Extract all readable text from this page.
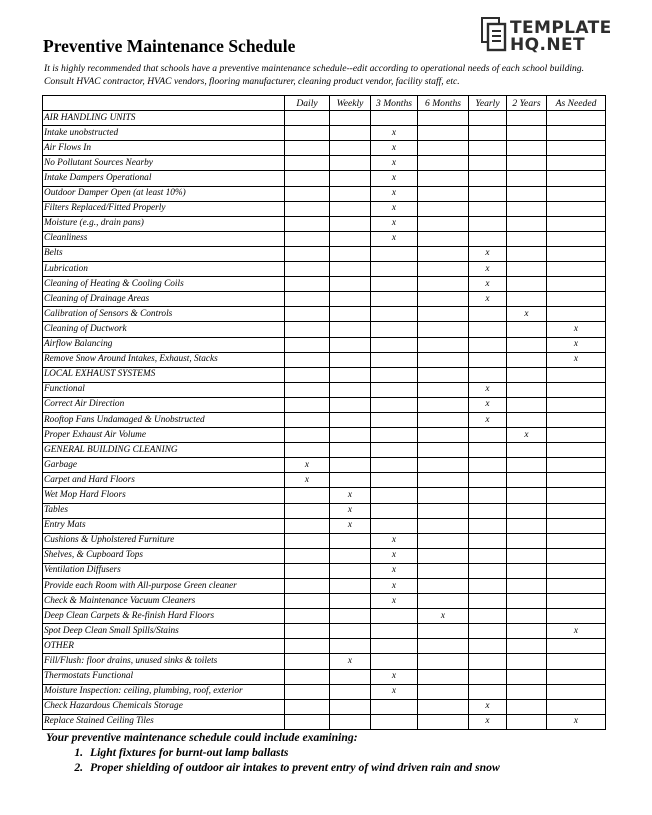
Preventive Maintenance Schedule
TEMPLATE
HQ.NET
It is highly recommended that schools have a preventive maintenance schedule--edit according to operational needs of each school building. Consult HVAC contractor, HVAC vendors, flooring manufacturer, cleaning product vendor, facility staff, etc.
	Daily	Weekly	3 Months	6 Months	Yearly	2 Years	As Needed
AIR HANDLING UNITS							
Intake unobstructed			x				
Air Flows In			x				
No Pollutant Sources Nearby			x				
Intake Dampers Operational			x				
Outdoor Damper Open (at least 10%)			x				
Filters Replaced/Fitted Properly			x				
Moisture (e.g., drain pans)			x				
Cleanliness			x				
Belts					x		
Lubrication					x		
Cleaning of Heating & Cooling Coils					x		
Cleaning of Drainage Areas					x		
Calibration of Sensors & Controls						x	
Cleaning of Ductwork							x
Airflow Balancing							x
Remove Snow Around Intakes, Exhaust, Stacks							x
LOCAL EXHAUST SYSTEMS							
Functional					x		
Correct Air Direction					x		
Rooftop Fans Undamaged & Unobstructed					x		
Proper Exhaust Air Volume						x	
GENERAL BUILDING CLEANING							
Garbage	x						
Carpet and Hard Floors	x						
Wet Mop Hard Floors		x					
Tables		x					
Entry Mats		x					
Cushions & Upholstered Furniture			x				
Shelves, & Cupboard Tops			x				
Ventilation Diffusers			x				
Provide each Room with All-purpose Green cleaner			x				
Check & Maintenance Vacuum Cleaners			x				
Deep Clean Carpets & Re-finish Hard Floors				x			
Spot Deep Clean Small Spills/Stains							x
OTHER							
Fill/Flush: floor drains, unused sinks & toilets		x					
Thermostats Functional			x				
Moisture Inspection: ceiling, plumbing, roof, exterior			x				
Check Hazardous Chemicals Storage					x		
Replace Stained Ceiling Tiles					x		x

Your preventive maintenance schedule could include examining:

1. Light fixtures for burnt-out lamp ballasts
2. Proper shielding of outdoor air intakes to prevent entry of wind driven rain and snow
